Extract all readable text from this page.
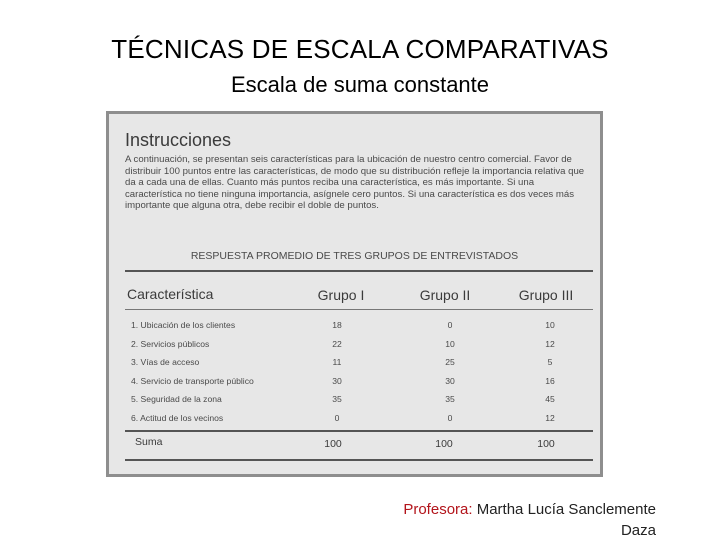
TÉCNICAS DE ESCALA COMPARATIVAS
Escala de suma constante
Instrucciones
A continuación, se presentan seis características para la ubicación de nuestro centro comercial. Favor de distribuir 100 puntos entre las características, de modo que su distribución refleje la importancia relativa que da a cada una de ellas. Cuanto más puntos reciba una característica, es más importante. Si una característica no tiene ninguna importancia, asígnele cero puntos. Si una característica es dos veces más importante que alguna otra, debe recibir el doble de puntos.
RESPUESTA PROMEDIO DE TRES GRUPOS DE ENTREVISTADOS
Característica	Grupo I	Grupo II	Grupo III
1. Ubicación de los clientes	18	0	10
2. Servicios públicos	22	10	12
3. Vías de acceso	11	25	5
4. Servicio de transporte público	30	30	16
5. Seguridad de la zona	35	35	45
6. Actitud de los vecinos	0	0	12
Suma	100	100	100
Profesora: Martha Lucía Sanclemente
Daza
